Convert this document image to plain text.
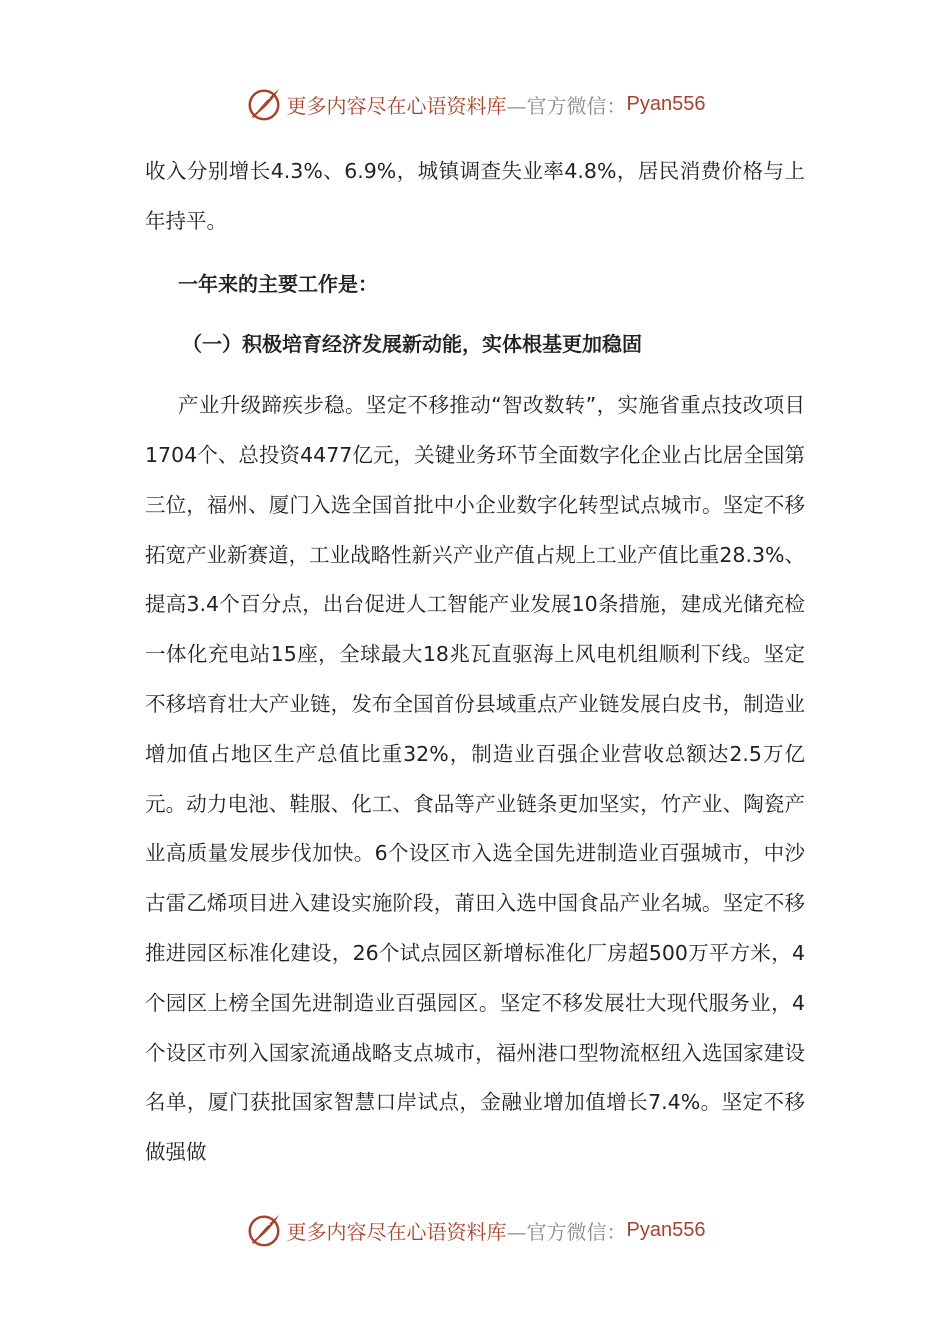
更多内容尽在心语资料库 —官方微信： Pyan556

收入分别增长4.3%、6.9%，城镇调查失业率4.8%，居民消费价格与上年持平。

一年来的主要工作是：

（一）积极培育经济发展新动能，实体根基更加稳固

产业升级蹄疾步稳。坚定不移推动“智改数转”，实施省重点技改项目1704个、总投资4477亿元，关键业务环节全面数字化企业占比居全国第三位，福州、厦门入选全国首批中小企业数字化转型试点城市。坚定不移拓宽产业新赛道，工业战略性新兴产业产值占规上工业产值比重28.3%、提高3.4个百分点，出台促进人工智能产业发展10条措施，建成光储充检一体化充电站15座，全球最大18兆瓦直驱海上风电机组顺利下线。坚定不移培育壮大产业链，发布全国首份县域重点产业链发展白皮书，制造业增加值占地区生产总值比重32%，制造业百强企业营收总额达2.5万亿元。动力电池、鞋服、化工、食品等产业链条更加坚实，竹产业、陶瓷产业高质量发展步伐加快。6个设区市入选全国先进制造业百强城市，中沙古雷乙烯项目进入建设实施阶段，莆田入选中国食品产业名城。坚定不移推进园区标准化建设，26个试点园区新增标准化厂房超500万平方米，4个园区上榜全国先进制造业百强园区。坚定不移发展壮大现代服务业，4个设区市列入国家流通战略支点城市，福州港口型物流枢纽入选国家建设名单，厦门获批国家智慧口岸试点，金融业增加值增长7.4%。坚定不移做强做

更多内容尽在心语资料库 —官方微信： Pyan556
